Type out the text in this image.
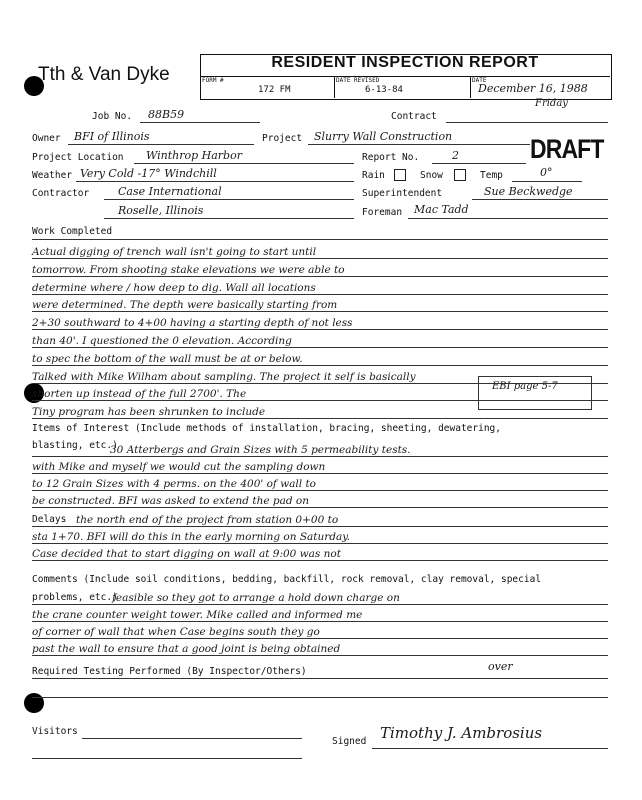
Tth & Van Dyke
RESIDENT INSPECTION REPORT
FORM #
172 FM
DATE REVISED
6-13-84
DATE
December 16, 1988
Friday
DRAFT
Job No. 88B59	Contract
Owner BFI of Illinois	Project Slurry Wall Construction
Project Location Winthrop Harbor	Report No.	2
Weather Very Cold -17° Windchill	Rain	Snow	Temp	0°
Contractor	Case International
Roselle, Illinois
Superintendent	Sue Beckwedge
Foreman Mac Tadd
Work Completed
Actual digging of trench wall isn't going to start until
tomorrow. From shooting stake elevations we were able to
determine where / how deep to dig. Wall all locations
were determined. The depth were basically starting from
2+30 southward to 4+00 having a starting depth of not less
than 40'. I questioned the 0 elevation. According
to spec the bottom of the wall must be at or below.
Talked with Mike Wilham about sampling. The project it self is basically
shorten up instead of the full 2700'. The
Tiny program has been shrunken to include
EBI page 5-7
Items of Interest (Include methods of installation, bracing, sheeting, dewatering,
blasting, etc.)
30 Atterbergs and Grain Sizes with 5 permeability tests.
with Mike and myself we would cut the sampling down
to 12 Grain Sizes with 4 perms. on the 400' of wall to
be constructed. BFI was asked to extend the pad on
Delays the north end of the project from station 0+00 to
sta 1+70. BFI will do this in the early morning on Saturday.
Case decided that to start digging on wall at 9:00 was not
Comments (Include soil conditions, bedding, backfill, rock removal, clay removal, special
problems, etc.)
feasible so they got to arrange a hold down charge on
the crane counter weight tower. Mike called and informed me
of corner of wall that when Case begins south they go
past the wall to ensure that a good joint is being obtained
over
Required Testing Performed (By Inspector/Others)
Visitors
Signed Timothy J. Ambrosius
